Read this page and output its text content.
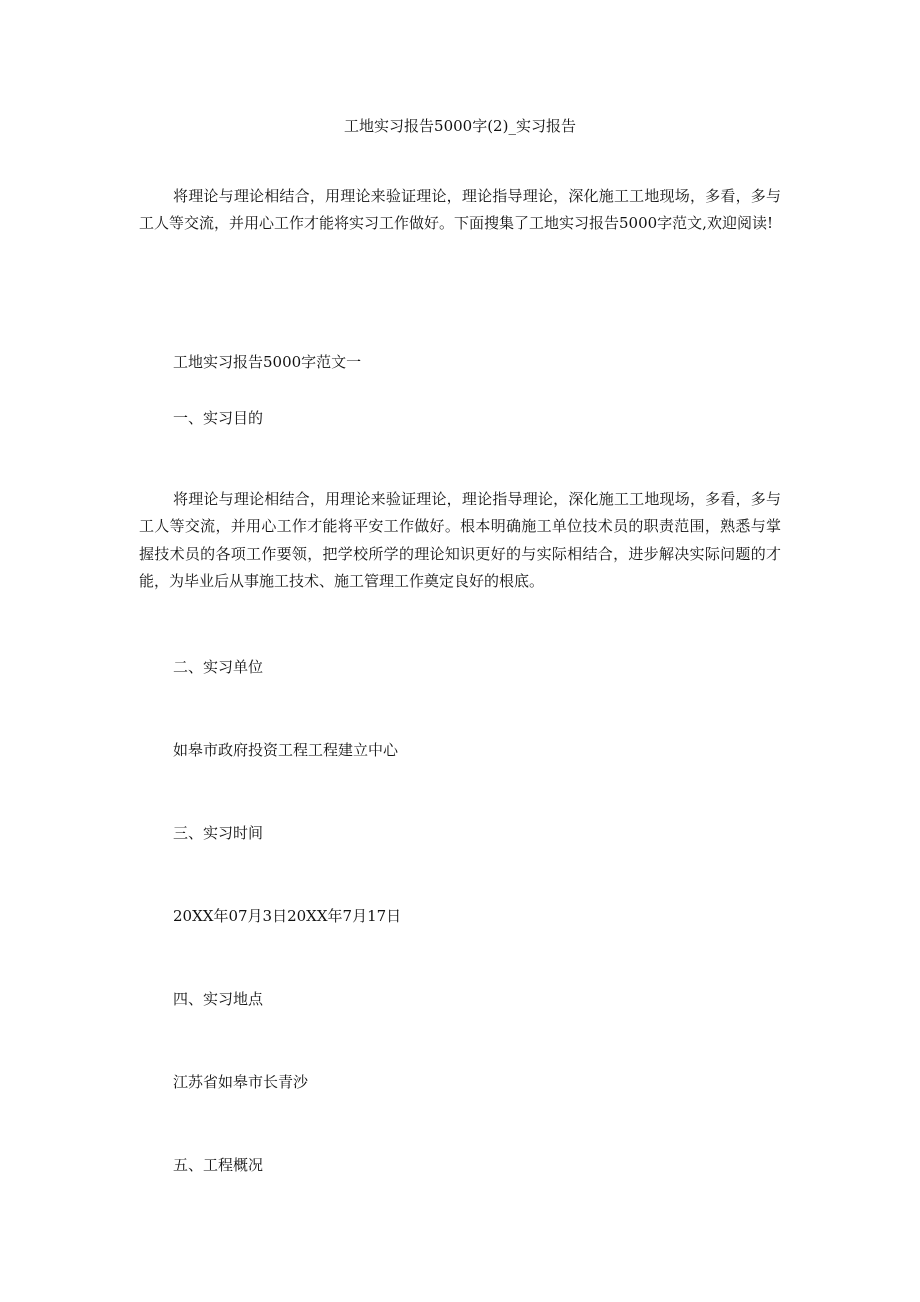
工地实习报告5000字(2)_实习报告

将理论与理论相结合，用理论来验证理论，理论指导理论，深化施工工地现场，多看，多与工人等交流，并用心工作才能将实习工作做好。下面搜集了工地实习报告5000字范文,欢迎阅读!

工地实习报告5000字范文一
一、实习目的

将理论与理论相结合，用理论来验证理论，理论指导理论，深化施工工地现场，多看，多与工人等交流，并用心工作才能将平安工作做好。根本明确施工单位技术员的职责范围，熟悉与掌握技术员的各项工作要领，把学校所学的理论知识更好的与实际相结合，进步解决实际问题的才能，为毕业后从事施工技术、施工管理工作奠定良好的根底。

二、实习单位
如皋市政府投资工程工程建立中心
三、实习时间
20XX年07月3日20XX年7月17日
四、实习地点
江苏省如皋市长青沙
五、工程概况
